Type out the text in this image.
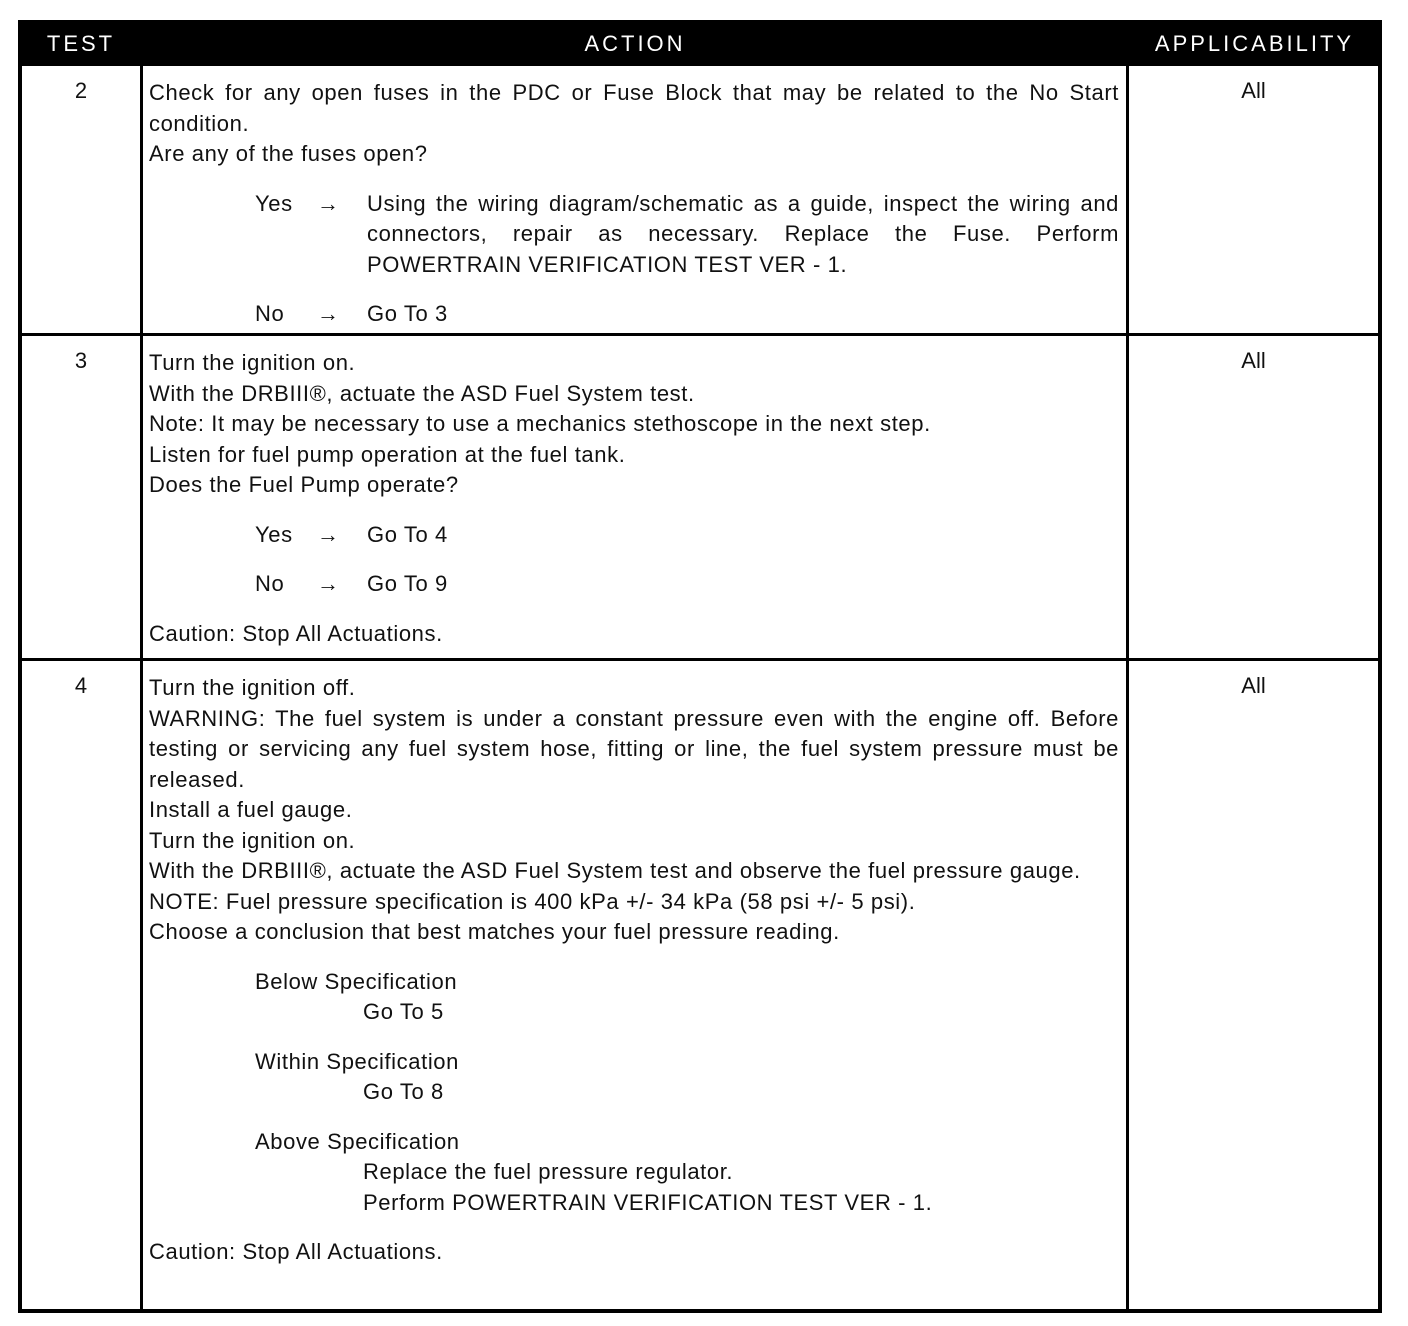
TEST	ACTION	APPLICABILITY
2	Check for any open fuses in the PDC or Fuse Block that may be related to the No Start condition.

Are any of the fuses open?

Yes	→	Using the wiring diagram/schematic as a guide, inspect the wiring and connectors, repair as necessary. Replace the Fuse. Perform POWERTRAIN VERIFICATION TEST VER - 1.
No	→	Go To 3
All
3	Turn the ignition on.

With the DRBIII®, actuate the ASD Fuel System test.

Note: It may be necessary to use a mechanics stethoscope in the next step.

Listen for fuel pump operation at the fuel tank.

Does the Fuel Pump operate?

Yes	→	Go To 4
No	→	Go To 9

Caution: Stop All Actuations.

All
4	Turn the ignition off.

WARNING: The fuel system is under a constant pressure even with the engine off. Before testing or servicing any fuel system hose, fitting or line, the fuel system pressure must be released.

Install a fuel gauge.

Turn the ignition on.

With the DRBIII®, actuate the ASD Fuel System test and observe the fuel pressure gauge.

NOTE: Fuel pressure specification is 400 kPa +/- 34 kPa (58 psi +/- 5 psi).

Choose a conclusion that best matches your fuel pressure reading.

Below Specification
Go To 5
Within Specification
Go To 8
Above Specification
Replace the fuel pressure regulator.
Perform POWERTRAIN VERIFICATION TEST VER - 1.

Caution: Stop All Actuations.

All
